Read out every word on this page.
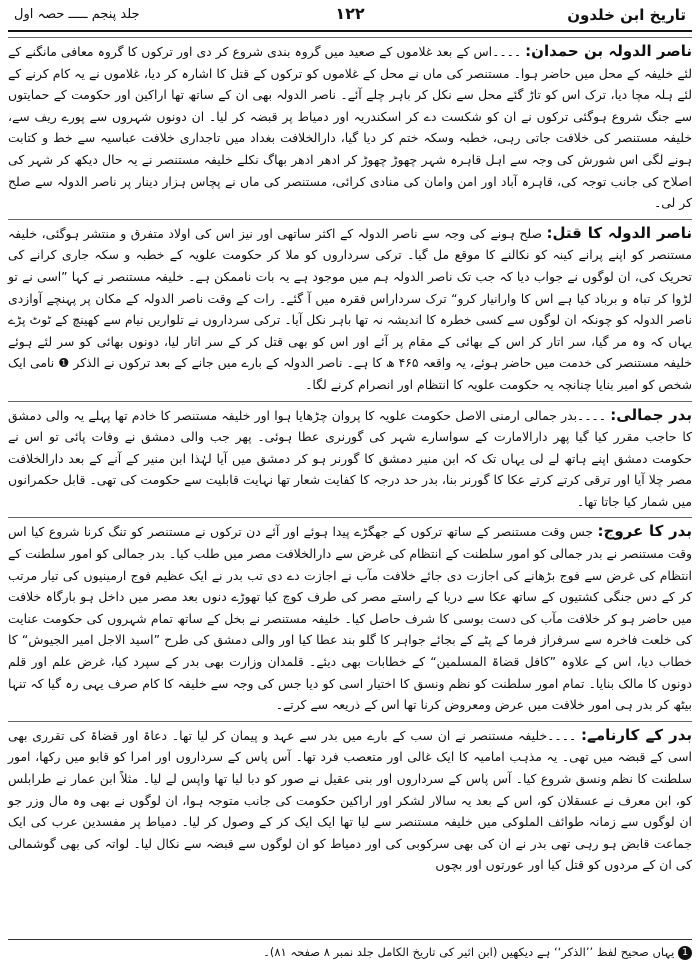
تاریخ ابن خلدون
۱۲۲
جلد پنجم ـــــ حصہ اول

ناصر الدولہ بن حمدان: ۔۔۔۔اس کے بعد غلاموں کے صعید میں گروہ بندی شروع کر دی اور ترکوں کا گروہ معافی مانگنے کے لئے خلیفہ کے محل میں حاضر ہوا۔ مستنصر کی ماں نے محل کے غلاموں کو ترکوں کے قتل کا اشارہ کر دیا، غلاموں نے یہ کام کرنے کے لئے ہلہ مچا دیا، ترک اس کو تاڑ گئے محل سے نکل کر باہر چلے آئے۔ ناصر الدولہ بھی ان کے ساتھ تھا اراکین اور حکومت کے حمایتوں سے جنگ شروع ہوگئی ترکوں نے ان کو شکست دے کر اسکندریہ اور دمیاط پر قبضہ کر لیا۔ ان دونوں شہروں سے پورے ریف سے، خلیفہ مستنصر کی خلافت جاتی رہی، خطبہ وسکہ ختم کر دیا گیا، دارالخلافت بغداد میں تاجداری خلافت عباسیہ سے خط و کتابت ہونے لگی اس شورش کی وجہ سے اہل قاہرہ شہر چھوڑ چھوڑ کر ادھر ادھر بھاگ نکلے خلیفہ مستنصر نے یہ حال دیکھ کر شہر کی اصلاح کی جانب توجہ کی، قاہرہ آباد اور امن وامان کی منادی کرائی، مستنصر کی ماں نے پچاس ہزار دینار پر ناصر الدولہ سے صلح کر لی۔

ناصر الدولہ کا قتل: صلح ہونے کی وجہ سے ناصر الدولہ کے اکثر ساتھی اور نیز اس کی اولاد متفرق و منتشر ہوگئی، خلیفہ مستنصر کو اپنے پرانے کینہ کو نکالنے کا موقع مل گیا۔ ترکی سرداروں کو ملا کر حکومت علویہ کے خطبہ و سکہ جاری کرانے کی تحریک کی، ان لوگوں نے جواب دیا کہ جب تک ناصر الدولہ ہم میں موجود ہے یہ بات ناممکن ہے۔ خلیفہ مستنصر نے کہا ”اسی نے تو لڑوا کر تباہ و برباد کیا ہے اس کا وارانیار کرو“ ترک سرداراس فقرہ میں آ گئے۔ رات کے وقت ناصر الدولہ کے مکان پر پہنچے آوازدی ناصر الدولہ کو چونکہ ان لوگوں سے کسی خطرہ کا اندیشہ نہ تھا باہر نکل آیا۔ ترکی سرداروں نے تلواریں نیام سے کھینچ کے ٹوٹ پڑے یہاں کہ وہ مر گیا، سر اتار کر اس کے بھائی کے مقام پر آئے اور اس کو بھی قتل کر کے سر اتار لیا، دونوں بھائی کو سر لئے ہوئے خلیفہ مستنصر کی خدمت میں حاضر ہوئے، یہ واقعہ ۴۶۵ ھ کا ہے۔ ناصر الدولہ کے بارے میں جانے کے بعد ترکوں نے الذکر ❶ نامی ایک شخص کو امیر بنایا چنانچہ یہ حکومت علویہ کا انتظام اور انصرام کرنے لگا۔

بدر جمالی: ۔۔۔۔بدر جمالی ارمنی الاصل حکومت علویہ کا پروان چڑھایا ہوا اور خلیفہ مستنصر کا خادم تھا پہلے یہ والی دمشق کا حاجب مقرر کیا گیا پھر دارالامارت کے سواسارے شہر کی گورنری عطا ہوئی۔ پھر جب والی دمشق نے وفات پائی تو اس نے حکومت دمشق اپنے ہاتھ لے لی یہاں تک کہ ابن منیر دمشق کا گورنر ہو کر دمشق میں آیا لہٰذا ابن منیر کے آنے کے بعد دارالخلافت مصر چلا آیا اور ترقی کرتے کرتے عکا کا گورنر بنا، بدر حد درجہ کا کفایت شعار تھا نہایت قابلیت سے حکومت کی تھی۔ قابل حکمرانوں میں شمار کیا جاتا تھا۔

بدر کا عروج: جس وقت مستنصر کے ساتھ ترکوں کے جھگڑے پیدا ہوئے اور آئے دن ترکوں نے مستنصر کو تنگ کرنا شروع کیا اس وقت مستنصر نے بدر جمالی کو امور سلطنت کے انتظام کی غرض سے دارالخلافت مصر میں طلب کیا۔ بدر جمالی کو امور سلطنت کے انتظام کی غرض سے فوج بڑھانے کی اجازت دی جائے خلافت مآب نے اجازت دے دی تب بدر نے ایک عظیم فوج ارمینیوں کی تیار مرتب کر کے دس جنگی کشتیوں کے ساتھ عکا سے دریا کے راستے مصر کی طرف کوچ کیا تھوڑے دنوں بعد مصر میں داخل ہو بارگاہ خلافت میں حاضر ہو کر خلافت مآب کی دست بوسی کا شرف حاصل کیا۔ خلیفہ مستنصر نے بخل کے ساتھ تمام شہروں کی حکومت عنایت کی خلعت فاخرہ سے سرفراز فرما کے پٹے کے بجائے جواہر کا گلو بند عطا کیا اور والی دمشق کی طرح ”اسید الاجل امیر الجیوش“ کا خطاب دیا، اس کے علاوہ ”کافل قضاۃ المسلمین“ کے خطابات بھی دیئے۔ قلمدان وزارت بھی بدر کے سپرد کیا، غرض علم اور قلم دونوں کا مالک بنایا۔ تمام امور سلطنت کو نظم ونسق کا اختیار اسی کو دیا جس کی وجہ سے خلیفہ کا کام صرف یہی رہ گیا کہ تنہا بیٹھ کر بدر ہی امور خلافت میں عرض ومعروض کرنا تھا اس کے ذریعہ سے کرتے۔

بدر کے کارنامے: ۔۔۔۔خلیفہ مستنصر نے ان سب کے بارے میں بدر سے عہد و پیمان کر لیا تھا۔ دعاۃ اور قضاۃ کی تقرری بھی اسی کے قبضہ میں تھی۔ یہ مذہب امامیہ کا ایک غالی اور متعصب فرد تھا۔ آس پاس کے سرداروں اور امرا کو قابو میں رکھا، امور سلطنت کا نظم ونسق شروع کیا۔ آس پاس کے سرداروں اور بنی عقیل نے صور کو دبا لیا تھا واپس لے لیا۔ مثلاً ابن عمار نے طرابلس کو، ابن معرف نے عسقلان کو، اس کے بعد یہ سالار لشکر اور اراکین حکومت کی جانب متوجہ ہوا، ان لوگوں نے بھی وہ مال وزر جو ان لوگوں سے زمانہ طوائف الملوکی میں خلیفہ مستنصر سے لیا تھا ایک ایک کر کے وصول کر لیا۔ دمیاط پر مفسدین عرب کی ایک جماعت قابض ہو رہی تھی بدر نے ان کی بھی سرکوبی کی اور دمیاط کو ان لوگوں سے قبضہ سے نکال لیا۔ لواتہ کی بھی گوشمالی کی ان کے مردوں کو قتل کیا اور عورتوں اور بچوں

1 یہاں صحیح لفظ ’’الذکر‘‘ ہے دیکھیں (ابن اثیر کی تاریخ الکامل جلد نمبر ۸ صفحہ ۸۱)۔
